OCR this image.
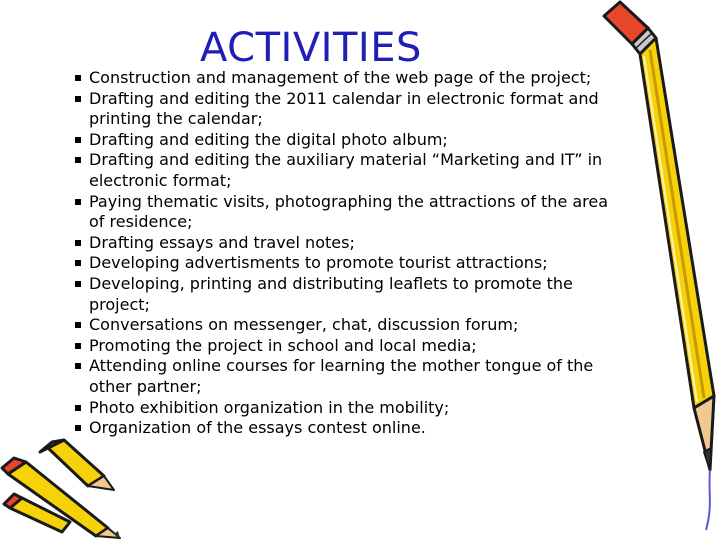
ACTIVITIES
Construction and management of the web page of the project;
Drafting and editing the 2011 calendar in electronic format and
printing the calendar;
Drafting and editing the digital photo album;
Drafting and editing the auxiliary material “Marketing and IT” in
electronic format;
Paying thematic visits, photographing the attractions of the area
of residence;
Drafting essays and travel notes;
Developing advertisments to promote tourist attractions;
Developing, printing and distributing leaflets to promote the
project;
Conversations on messenger, chat, discussion forum;
Promoting the project in school and local media;
Attending online courses for learning the mother tongue of the
other partner;
Photo exhibition organization in the mobility;
Organization of the essays contest online.
